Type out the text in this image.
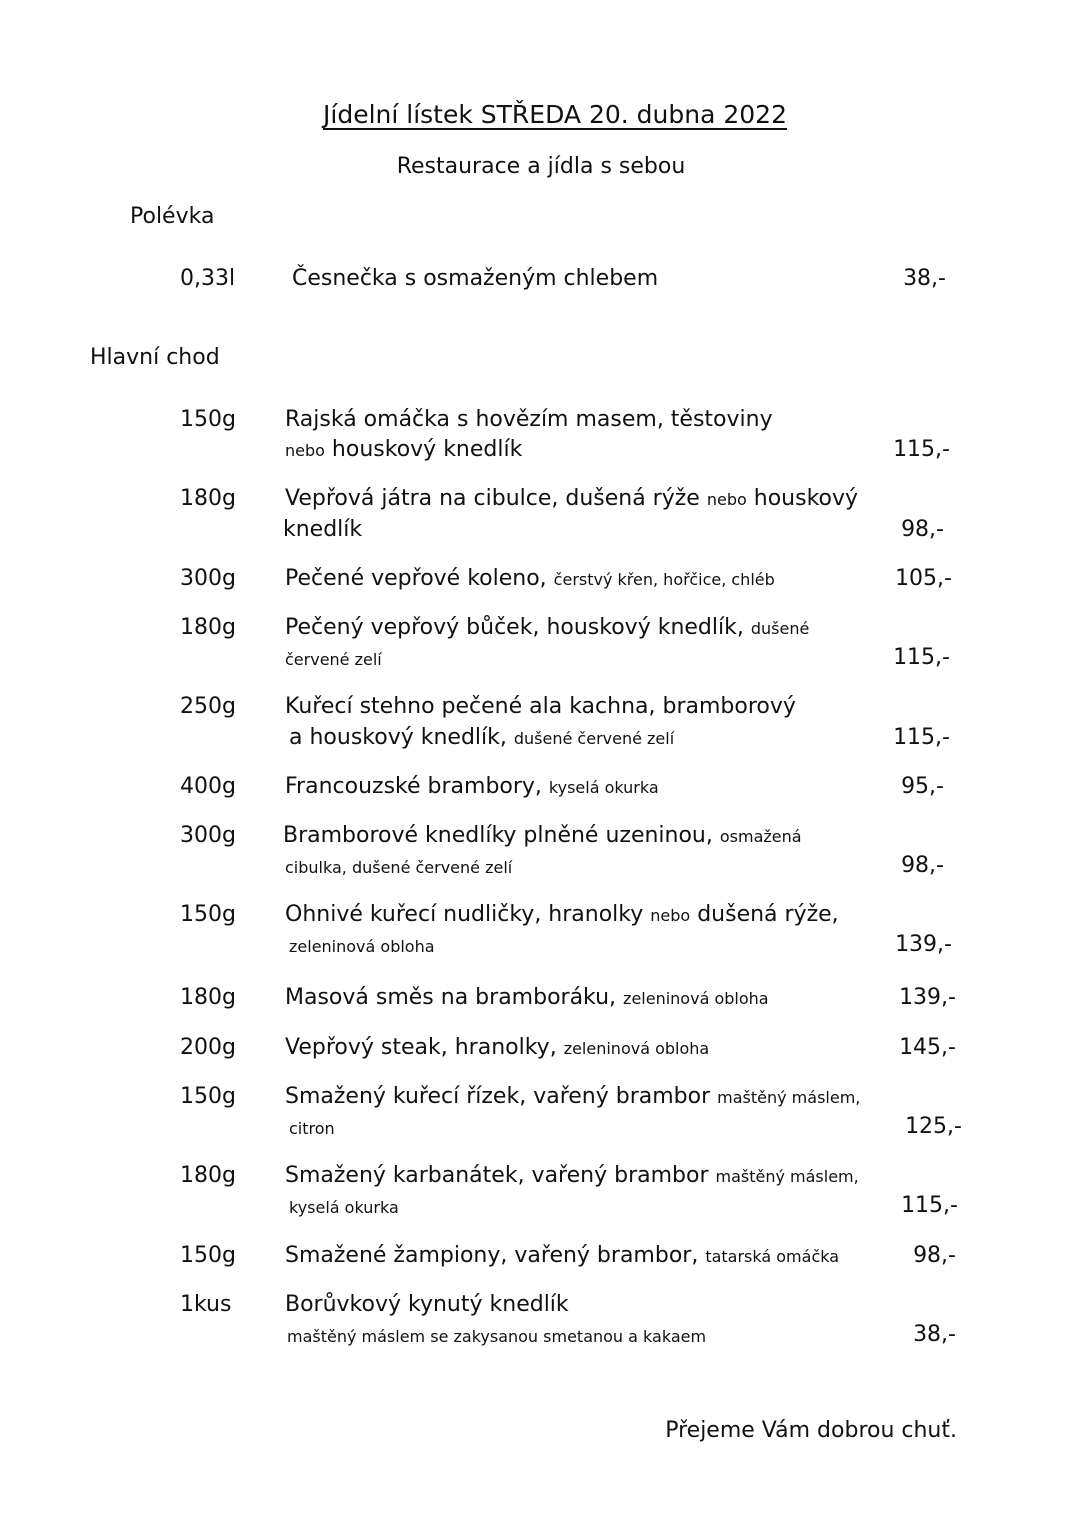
Jídelní lístek STŘEDA 20. dubna 2022
Restaurace a jídla s sebou
Polévka
0,33l	Česnečka s osmaženým chlebem	38,-
Hlavní chod
150g Rajská omáčka s hovězím masem, těstoviny
nebo houskový knedlík	115,-
180g Vepřová játra na cibulce, dušená rýže nebo houskový
knedlík	98,-
300g Pečené vepřové koleno, čerstvý křen, hořčice, chléb	105,-
180g Pečený vepřový bůček, houskový knedlík, dušené
červené zelí	115,-
250g Kuřecí stehno pečené ala kachna, bramborový
a houskový knedlík, dušené červené zelí	115,-
400g Francouzské brambory, kyselá okurka	95,-
300g Bramborové knedlíky plněné uzeninou, osmažená
cibulka, dušené červené zelí	98,-
150g Ohnivé kuřecí nudličky, hranolky nebo dušená rýže,
zeleninová obloha	139,-
180g Masová směs na bramboráku, zeleninová obloha	139,-
200g Vepřový steak, hranolky, zeleninová obloha	145,-
150g Smažený kuřecí řízek, vařený brambor maštěný máslem,
citron	125,-
180g Smažený karbanátek, vařený brambor maštěný máslem,
kyselá okurka	115,-
150g Smažené žampiony, vařený brambor, tatarská omáčka	98,-
1kus Borůvkový kynutý knedlík
maštěný máslem se zakysanou smetanou a kakaem	38,-
Přejeme Vám dobrou chuť.
